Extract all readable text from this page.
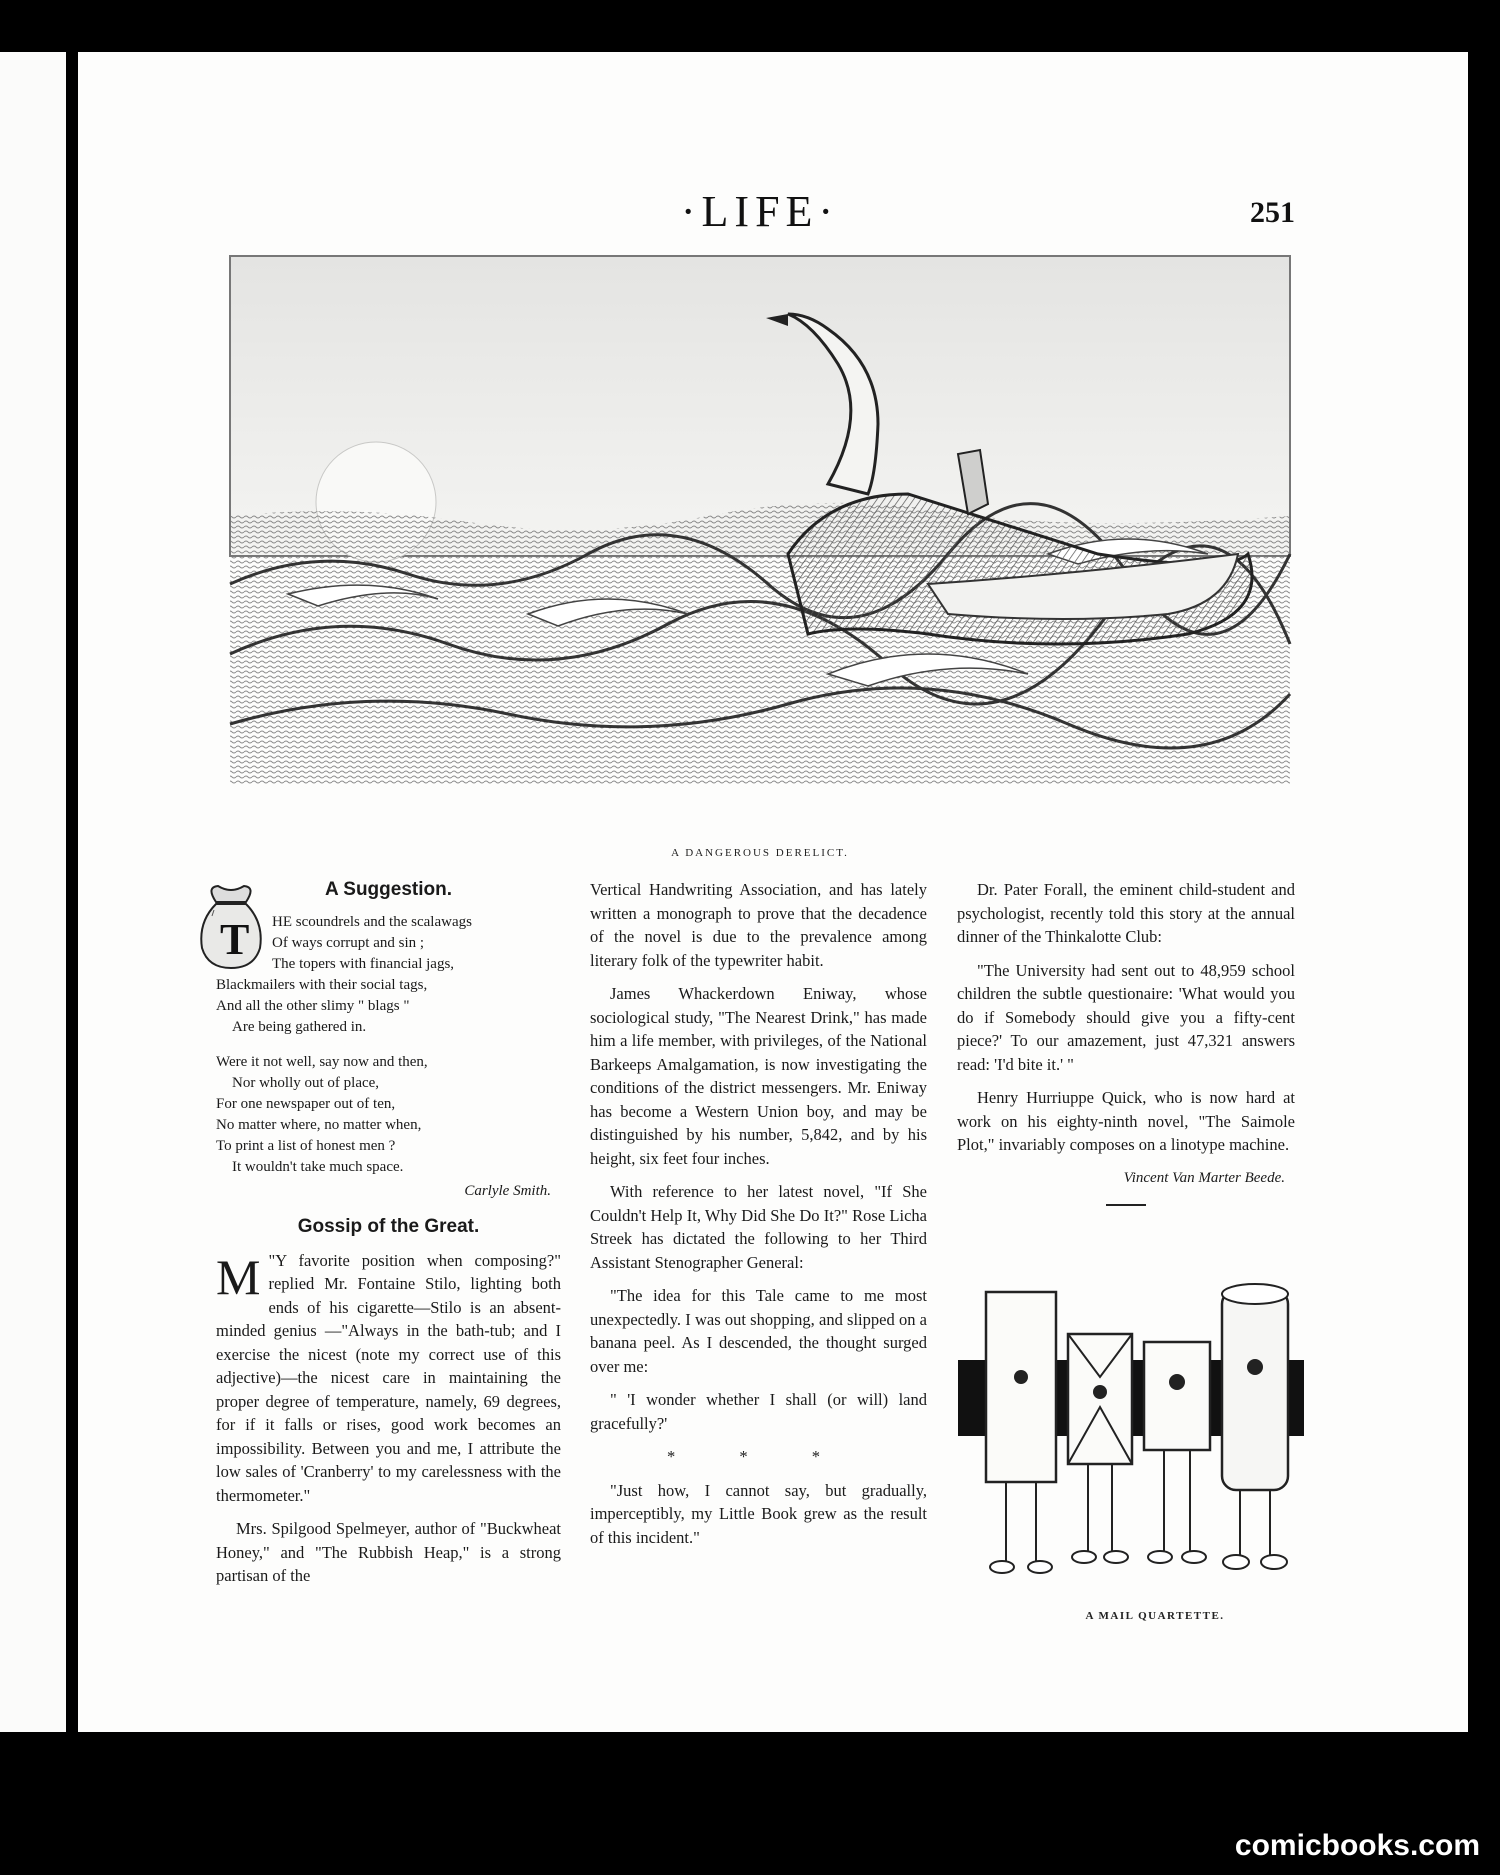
·LIFE·	251
A DANGEROUS DERELICT.
A Suggestion.
T	HE scoundrels and the scalawags
Of ways corrupt and sin ;
The topers with financial jags,
Blackmailers with their social tags,
And all the other slimy " blags "
Are being gathered in.
Were it not well, say now and then,
Nor wholly out of place,
For one newspaper out of ten,
No matter where, no matter when,
To print a list of honest men ?
It wouldn't take much space.
Carlyle Smith.
Gossip of the Great.

M "Y favorite position when composing?" replied Mr. Fontaine Stilo, lighting both ends of his cigarette—Stilo is an absent-minded genius —"Always in the bath-tub; and I exercise the nicest (note my correct use of this adjective)—the nicest care in maintaining the proper degree of temperature, namely, 69 degrees, for if it falls or rises, good work becomes an impossibility. Between you and me, I attribute the low sales of 'Cranberry' to my carelessness with the thermometer."

Mrs. Spilgood Spelmeyer, author of "Buckwheat Honey," and "The Rubbish Heap," is a strong partisan of the

Vertical Handwriting Association, and has lately written a monograph to prove that the decadence of the novel is due to the prevalence among literary folk of the typewriter habit.

James Whackerdown Eniway, whose sociological study, "The Nearest Drink," has made him a life member, with privileges, of the National Barkeeps Amalgamation, is now investigating the conditions of the district messengers. Mr. Eniway has become a Western Union boy, and may be distinguished by his number, 5,842, and by his height, six feet four inches.

With reference to her latest novel, "If She Couldn't Help It, Why Did She Do It?" Rose Licha Streek has dictated the following to her Third Assistant Stenographer General:

"The idea for this Tale came to me most unexpectedly. I was out shopping, and slipped on a banana peel. As I descended, the thought surged over me:

" 'I wonder whether I shall (or will) land gracefully?'

* * *

"Just how, I cannot say, but gradually, imperceptibly, my Little Book grew as the result of this incident."

Dr. Pater Forall, the eminent child-student and psychologist, recently told this story at the annual dinner of the Thinkalotte Club:

"The University had sent out to 48,959 school children the subtle questionaire: 'What would you do if Somebody should give you a fifty-cent piece?' To our amazement, just 47,321 answers read: 'I'd bite it.' "

Henry Hurriuppe Quick, who is now hard at work on his eighty-ninth novel, "The Saimole Plot," invariably composes on a linotype machine.

Vincent Van Marter Beede.
A MAIL QUARTETTE.
comicbooks.com
